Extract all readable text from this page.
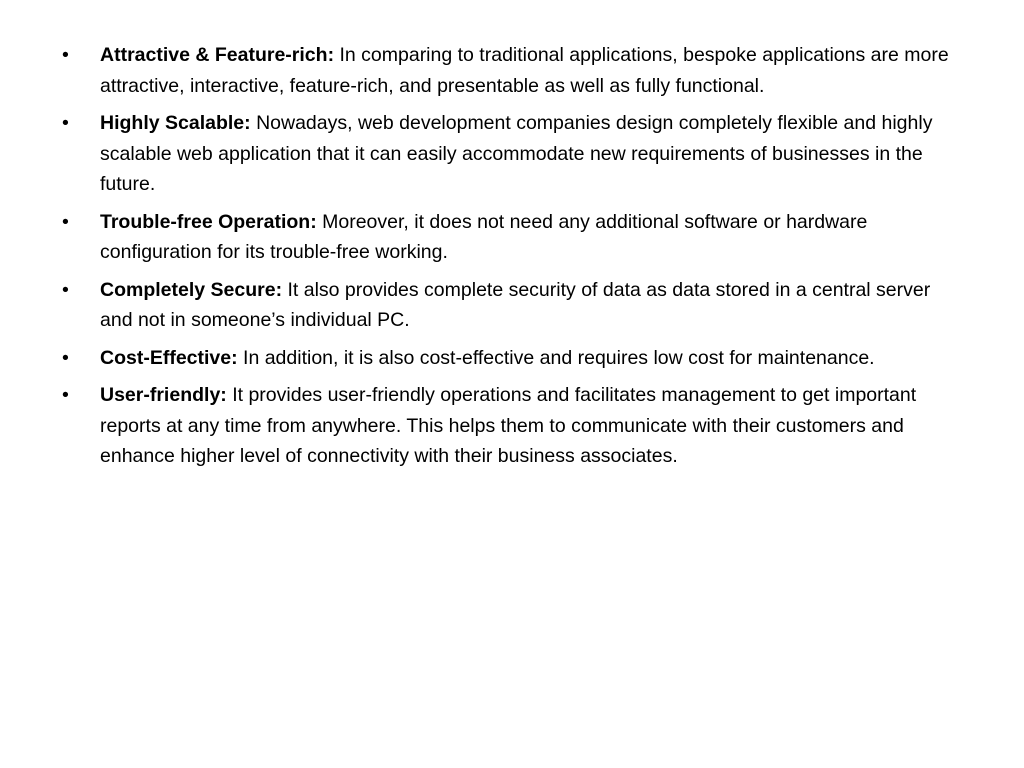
•	Attractive & Feature-rich: In comparing to traditional applications, bespoke applications are more attractive, interactive, feature-rich, and presentable as well as fully functional.
•	Highly Scalable: Nowadays, web development companies design completely flexible and highly scalable web application that it can easily accommodate new requirements of businesses in the future.
•	Trouble-free Operation: Moreover, it does not need any additional software or hardware configuration for its trouble-free working.
•	Completely Secure: It also provides complete security of data as data stored in a central server and not in someone’s individual PC.
•	Cost-Effective: In addition, it is also cost-effective and requires low cost for maintenance.
•	User-friendly: It provides user-friendly operations and facilitates management to get important reports at any time from anywhere. This helps them to communicate with their customers and enhance higher level of connectivity with their business associates.
